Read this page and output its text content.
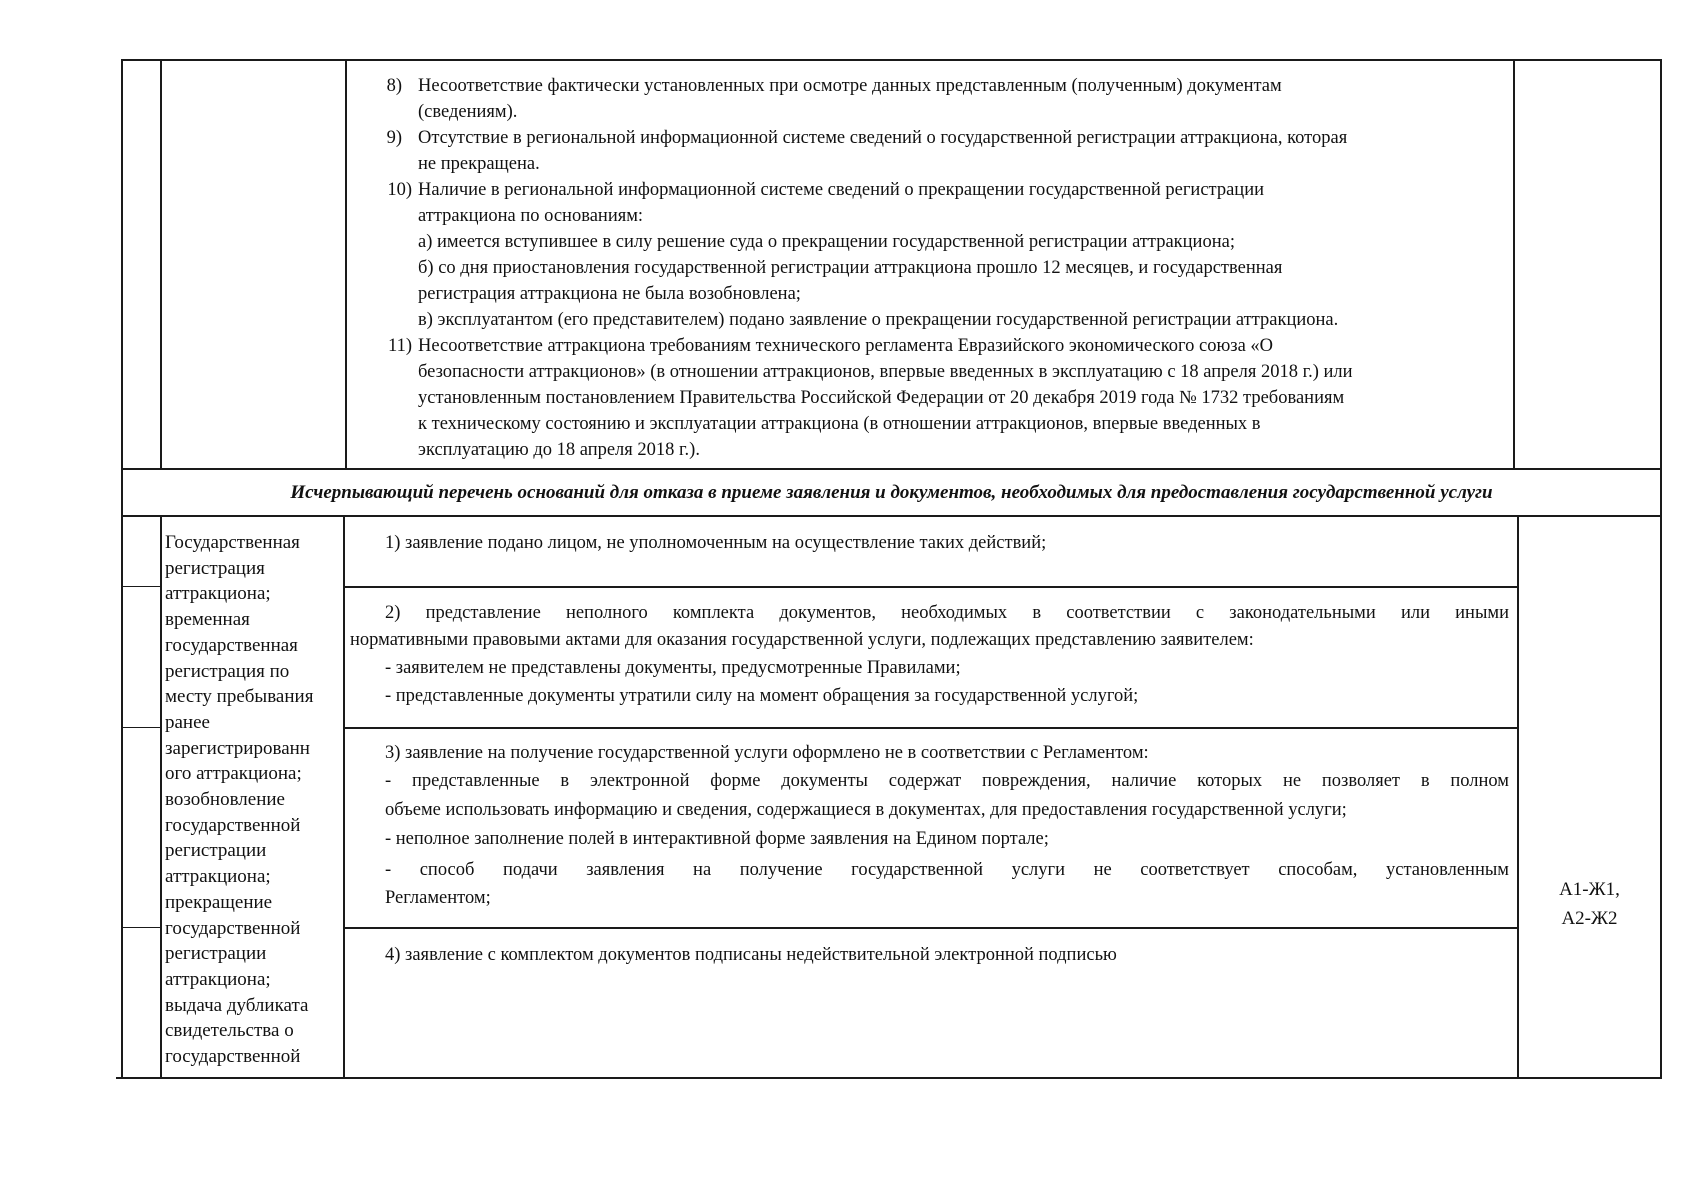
8) Несоответствие фактически установленных при осмотре данных представленным (полученным) документам
(сведениям).
9) Отсутствие в региональной информационной системе сведений о государственной регистрации аттракциона, которая
не прекращена.
10) Наличие в региональной информационной системе сведений о прекращении государственной регистрации
аттракциона по основаниям:
а) имеется вступившее в силу решение суда о прекращении государственной регистрации аттракциона;
б) со дня приостановления государственной регистрации аттракциона прошло 12 месяцев, и государственная
регистрация аттракциона не была возобновлена;
в) эксплуатантом (его представителем) подано заявление о прекращении государственной регистрации аттракциона.
11) Несоответствие аттракциона требованиям технического регламента Евразийского экономического союза «О
безопасности аттракционов» (в отношении аттракционов, впервые введенных в эксплуатацию с 18 апреля 2018 г.) или
установленным постановлением Правительства Российской Федерации от 20 декабря 2019 года № 1732 требованиям
к техническому состоянию и эксплуатации аттракциона (в отношении аттракционов, впервые введенных в
эксплуатацию до 18 апреля 2018 г.).
Исчерпывающий перечень оснований для отказа в приеме заявления и документов, необходимых для предоставления государственной услуги
Государственная
регистрация
аттракциона;
временная
государственная
регистрация по
месту пребывания
ранее
зарегистрированн
ого аттракциона;
возобновление
государственной
регистрации
аттракциона;
прекращение
государственной
регистрации
аттракциона;
выдача дубликата
свидетельства о
государственной
1) заявление подано лицом, не уполномоченным на осуществление таких действий;
2) представление неполного комплекта документов, необходимых в соответствии с законодательными или иными
нормативными правовыми актами для оказания государственной услуги, подлежащих представлению заявителем:
- заявителем не представлены документы, предусмотренные Правилами;
- представленные документы утратили силу на момент обращения за государственной услугой;
3) заявление на получение государственной услуги оформлено не в соответствии с Регламентом:
- представленные в электронной форме документы содержат повреждения, наличие которых не позволяет в полном
объеме использовать информацию и сведения, содержащиеся в документах, для предоставления государственной услуги;
- неполное заполнение полей в интерактивной форме заявления на Едином портале;
- способ подачи заявления на получение государственной услуги не соответствует способам, установленным
Регламентом;
4) заявление с комплектом документов подписаны недействительной электронной подписью
А1-Ж1,
А2-Ж2
